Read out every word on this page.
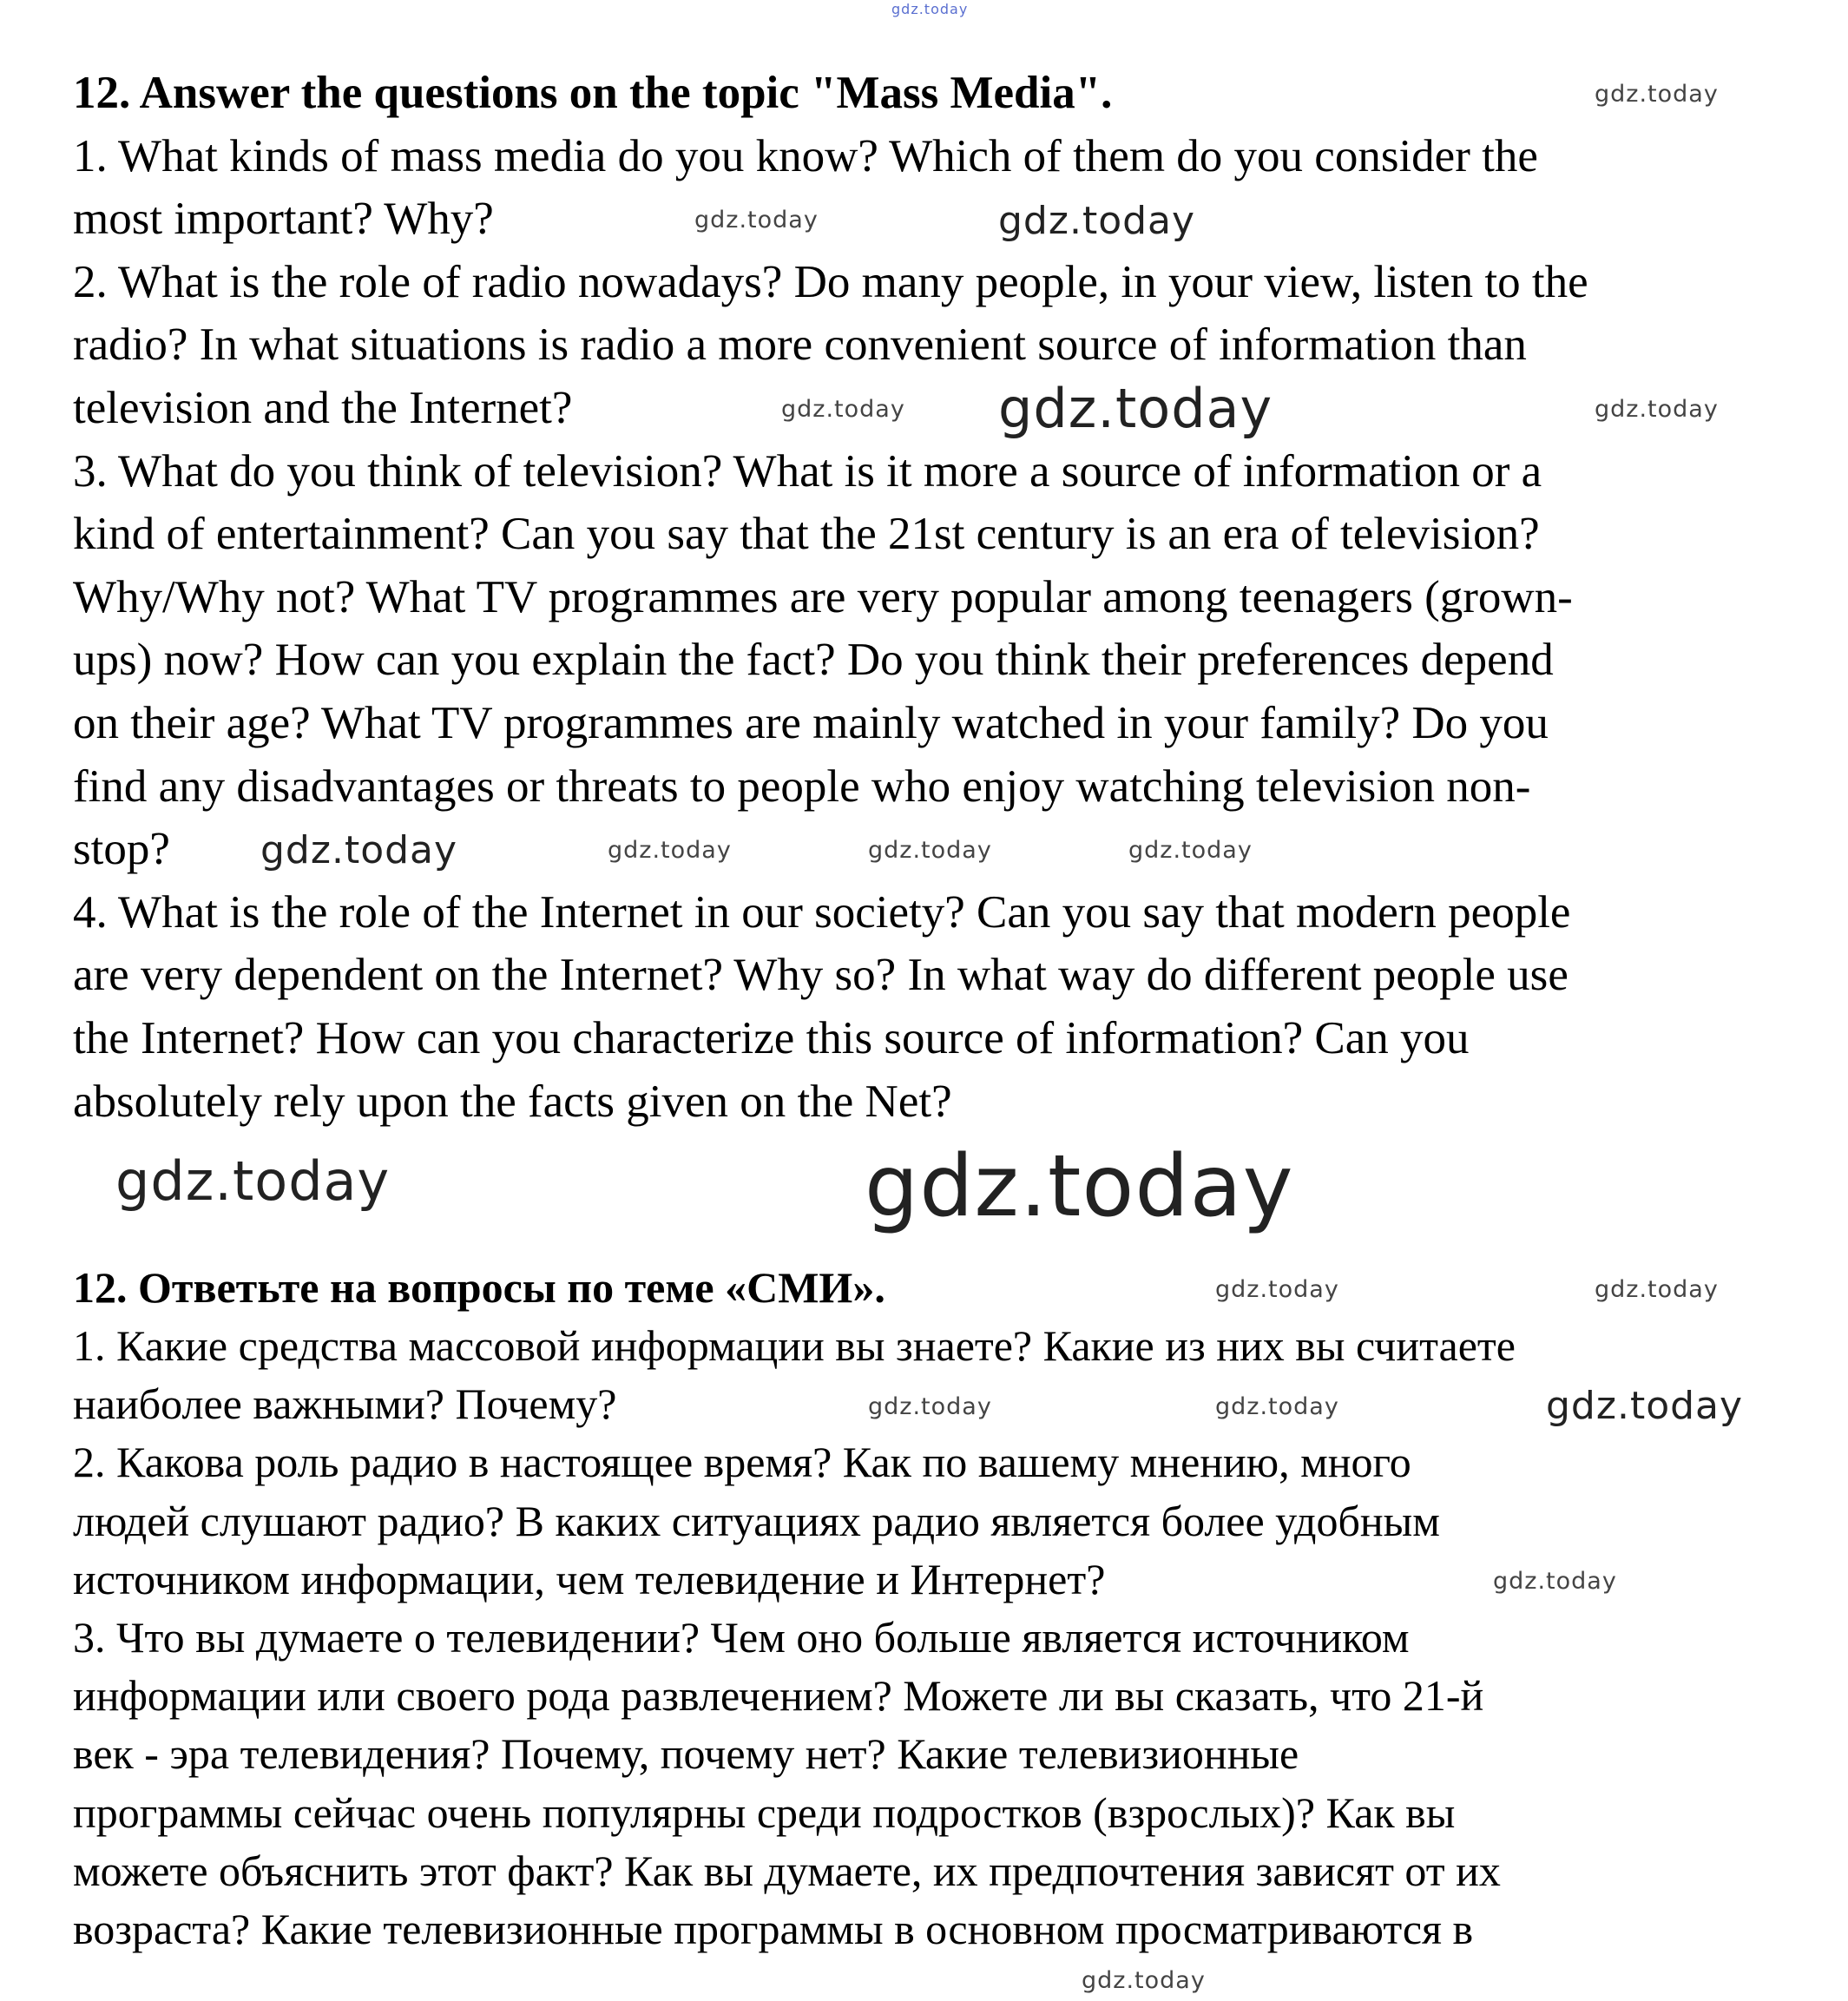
gdz.today
12. Answer the questions on the topic "Mass Media".
1. What kinds of mass media do you know? Which of them do you consider the
most important? Why?
2. What is the role of radio nowadays? Do many people, in your view, listen to the
radio? In what situations is radio a more convenient source of information than
television and the Internet?
3. What do you think of television? What is it more a source of information or a
kind of entertainment? Can you say that the 21st century is an era of television?
Why/Why not? What TV programmes are very popular among teenagers (grown-
ups) now? How can you explain the fact? Do you think their preferences depend
on their age? What TV programmes are mainly watched in your family? Do you
find any disadvantages or threats to people who enjoy watching television non-
stop?
4. What is the role of the Internet in our society? Can you say that modern people
are very dependent on the Internet? Why so? In what way do different people use
the Internet? How can you characterize this source of information? Can you
absolutely rely upon the facts given on the Net?
12. Ответьте на вопросы по теме «СМИ».
1. Какие средства массовой информации вы знаете? Какие из них вы считаете
наиболее важными? Почему?
2. Какова роль радио в настоящее время? Как по вашему мнению, много
людей слушают радио? В каких ситуациях радио является более удобным
источником информации, чем телевидение и Интернет?
3. Что вы думаете о телевидении? Чем оно больше является источником
информации или своего рода развлечением? Можете ли вы сказать, что 21-й
век - эра телевидения? Почему, почему нет? Какие телевизионные
программы сейчас очень популярны среди подростков (взрослых)? Как вы
можете объяснить этот факт? Как вы думаете, их предпочтения зависят от их
возраста? Какие телевизионные программы в основном просматриваются в
gdz.today
gdz.today	gdz.today
gdz.today gdz.today	gdz.today
gdz.today	gdz.today	gdz.today	gdz.today
gdz.today
gdz.today
gdz.today	gdz.today
gdz.today	gdz.today	gdz.today
gdz.today
gdz.today
